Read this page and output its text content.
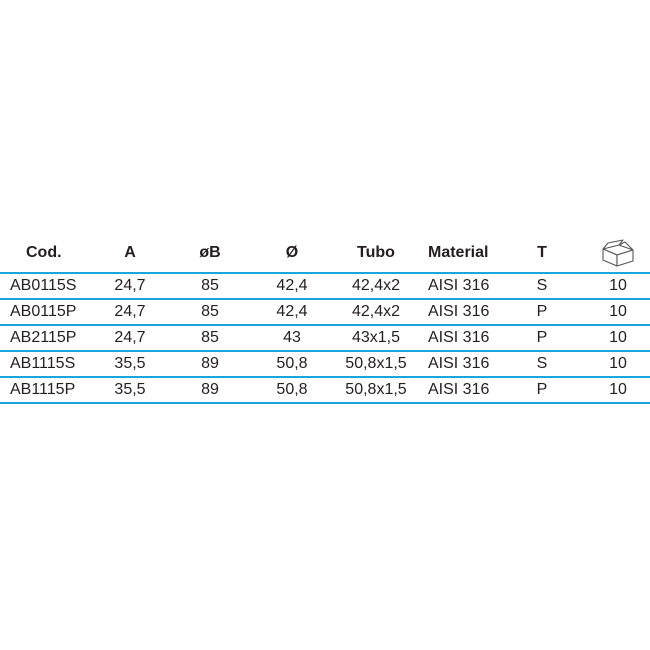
Cod.	A	øB	Ø	Tubo	Material	T
AB0115S 24,7	85	42,4	42,4x2	AISI 316	S	10
AB0115P 24,7	85	42,4	42,4x2	AISI 316	P	10
AB2115P 24,7	85	43	43x1,5	AISI 316	P	10
AB1115S 35,5	89	50,8	50,8x1,5	AISI 316	S	10
AB1115P 35,5	89	50,8	50,8x1,5	AISI 316	P	10
